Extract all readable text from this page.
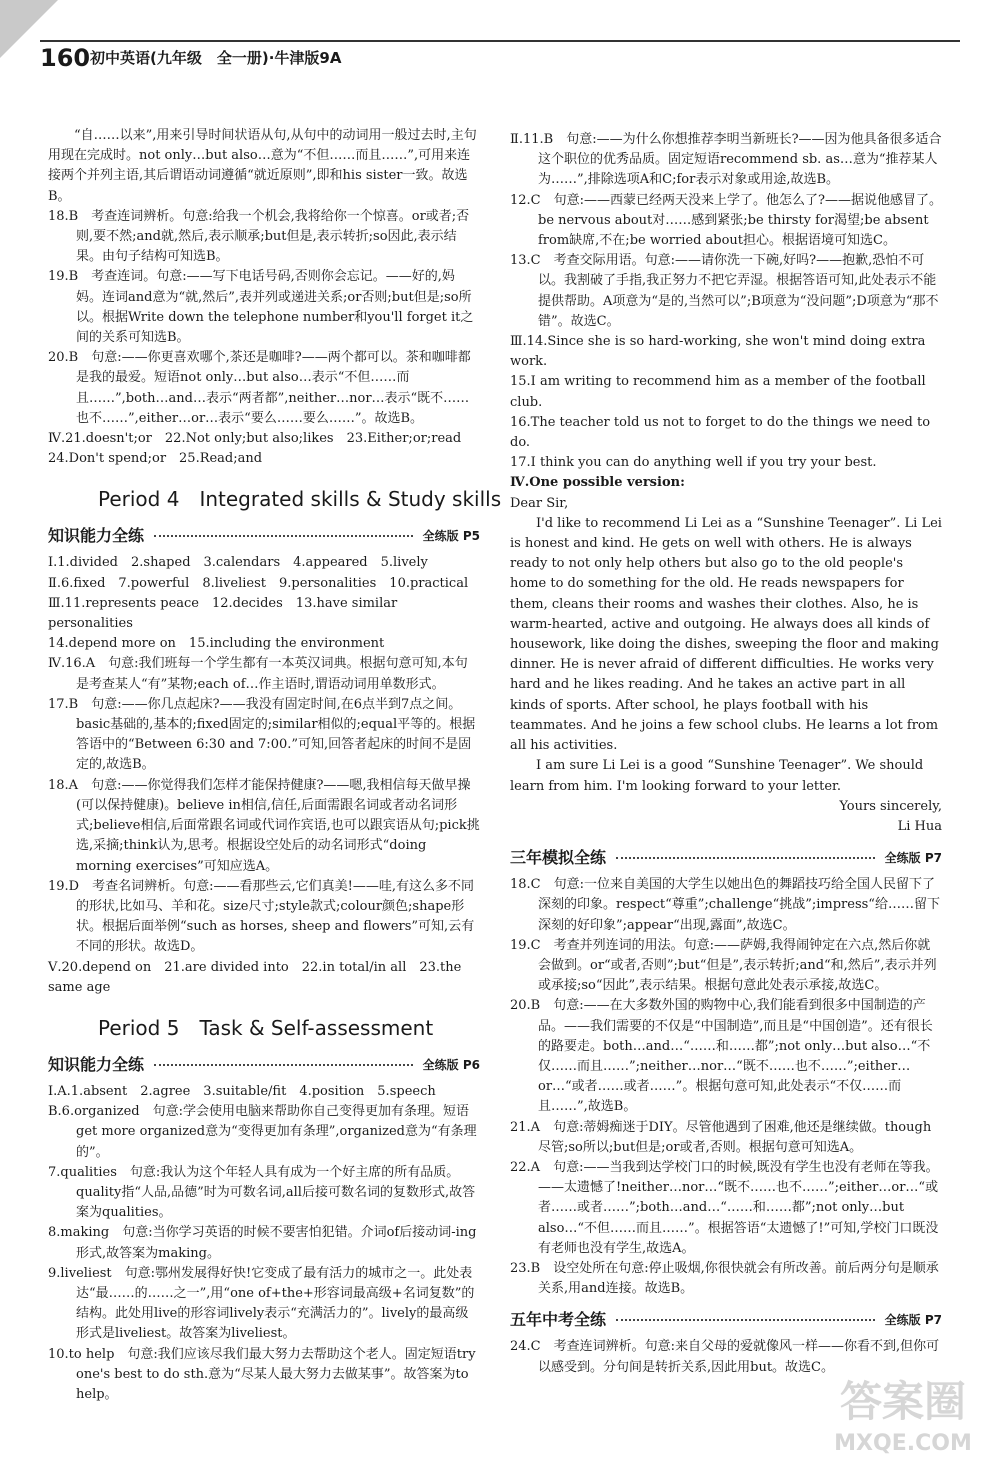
160 初中英语(九年级　全一册)·牛津版9A

“自……以来”,用来引导时间状语从句,从句中的动词用一般过去时,主句用现在完成时。not only…but also…意为“不但……而且……”,可用来连接两个并列主语,其后谓语动词遵循“就近原则”,即和his sister一致。故选B。

18.B　考查连词辨析。句意:给我一个机会,我将给你一个惊喜。or或者;否则,要不然;and就,然后,表示顺承;but但是,表示转折;so因此,表示结果。由句子结构可知选B。

19.B　考查连词。句意:——写下电话号码,否则你会忘记。——好的,妈妈。连词and意为“就,然后”,表并列或递进关系;or否则;but但是;so所以。根据Write down the telephone number和you'll forget it之间的关系可知选B。

20.B　句意:——你更喜欢哪个,茶还是咖啡?——两个都可以。茶和咖啡都是我的最爱。短语not only…but also…表示“不但……而且……”,both…and…表示“两者都”,neither…nor…表示“既不……也不……”,either…or…表示“要么……要么……”。故选B。

Ⅳ.21.doesn't;or　22.Not only;but also;likes　23.Either;or;read

24.Don't spend;or　25.Read;and

Period 4　Integrated skills & Study skills
知识能力全练	全练版 P5

Ⅰ.1.divided　2.shaped　3.calendars　4.appeared　5.lively

Ⅱ.6.fixed　7.powerful　8.liveliest　9.personalities　10.practical

Ⅲ.11.represents peace　12.decides　13.have similar personalities

14.depend more on　15.including the environment

Ⅳ.16.A　句意:我们班每一个学生都有一本英汉词典。根据句意可知,本句是考查某人“有”某物;each of…作主语时,谓语动词用单数形式。

17.B　句意:——你几点起床?——我没有固定时间,在6点半到7点之间。basic基础的,基本的;fixed固定的;similar相似的;equal平等的。根据答语中的“Between 6:30 and 7:00.”可知,回答者起床的时间不是固定的,故选B。

18.A　句意:——你觉得我们怎样才能保持健康?——嗯,我相信每天做早操(可以保持健康)。believe in相信,信任,后面需跟名词或者动名词形式;believe相信,后面常跟名词或代词作宾语,也可以跟宾语从句;pick挑选,采摘;think认为,思考。根据设空处后的动名词形式“doing morning exercises”可知应选A。

19.D　考查名词辨析。句意:——看那些云,它们真美!——哇,有这么多不同的形状,比如马、羊和花。size尺寸;style款式;colour颜色;shape形状。根据后面举例“such as horses, sheep and flowers”可知,云有不同的形状。故选D。

Ⅴ.20.depend on　21.are divided into　22.in total/in all　23.the same age

Period 5　Task & Self-assessment
知识能力全练	全练版 P6

Ⅰ.A.1.absent　2.agree　3.suitable/fit　4.position　5.speech

B.6.organized　句意:学会使用电脑来帮助你自己变得更加有条理。短语get more organized意为“变得更加有条理”,organized意为“有条理的”。

7.qualities　句意:我认为这个年轻人具有成为一个好主席的所有品质。quality指“人品,品德”时为可数名词,all后接可数名词的复数形式,故答案为qualities。

8.making　句意:当你学习英语的时候不要害怕犯错。介词of后接动词-ing形式,故答案为making。

9.liveliest　句意:鄂州发展得好快!它变成了最有活力的城市之一。此处表达“最……的……之一”,用“one of+the+形容词最高级+名词复数”的结构。此处用live的形容词lively表示“充满活力的”。lively的最高级形式是liveliest。故答案为liveliest。

10.to help　句意:我们应该尽我们最大努力去帮助这个老人。固定短语try one's best to do sth.意为“尽某人最大努力去做某事”。故答案为to help。

Ⅱ.11.B　句意:——为什么你想推荐李明当新班长?——因为他具备很多适合这个职位的优秀品质。固定短语recommend sb. as…意为“推荐某人为……”,排除选项A和C;for表示对象或用途,故选B。

12.C　句意:——西蒙已经两天没来上学了。他怎么了?——据说他感冒了。be nervous about对……感到紧张;be thirsty for渴望;be absent from缺席,不在;be worried about担心。根据语境可知选C。

13.C　考查交际用语。句意:——请你洗一下碗,好吗?——抱歉,恐怕不可以。我割破了手指,我正努力不把它弄湿。根据答语可知,此处表示不能提供帮助。A项意为“是的,当然可以”;B项意为“没问题”;D项意为“那不错”。故选C。

Ⅲ.14.Since she is so hard-working, she won't mind doing extra work.

15.I am writing to recommend him as a member of the football club.

16.The teacher told us not to forget to do the things we need to do.

17.I think you can do anything well if you try your best.

Ⅳ.One possible version:

Dear Sir,

I'd like to recommend Li Lei as a “Sunshine Teenager”. Li Lei is honest and kind. He gets on well with others. He is always ready to not only help others but also go to the old people's home to do something for the old. He reads newspapers for them, cleans their rooms and washes their clothes. Also, he is warm-hearted, active and outgoing. He always does all kinds of housework, like doing the dishes, sweeping the floor and making dinner. He is never afraid of different difficulties. He works very hard and he likes reading. And he takes an active part in all kinds of sports. After school, he plays football with his teammates. And he joins a few school clubs. He learns a lot from all his activities.

I am sure Li Lei is a good “Sunshine Teenager”. We should learn from him. I'm looking forward to your letter.

Yours sincerely,

Li Hua

三年模拟全练	全练版 P7

18.C　句意:一位来自美国的大学生以她出色的舞蹈技巧给全国人民留下了深刻的印象。respect“尊重”;challenge“挑战”;impress“给……留下深刻的好印象”;appear“出现,露面”,故选C。

19.C　考查并列连词的用法。句意:——萨姆,我得闹钟定在六点,然后你就会做到。or“或者,否则”;but“但是”,表示转折;and“和,然后”,表示并列或承接;so“因此”,表示结果。根据句意此处表示承接,故选C。

20.B　句意:——在大多数外国的购物中心,我们能看到很多中国制造的产品。——我们需要的不仅是“中国制造”,而且是“中国创造”。还有很长的路要走。both…and…“……和……都”;not only…but also…“不仅……而且……”;neither…nor…“既不……也不……”;either…or…“或者……或者……”。根据句意可知,此处表示“不仅……而且……”,故选B。

21.A　句意:蒂姆痴迷于DIY。尽管他遇到了困难,他还是继续做。though尽管;so所以;but但是;or或者,否则。根据句意可知选A。

22.A　句意:——当我到达学校门口的时候,既没有学生也没有老师在等我。——太遗憾了!neither…nor…“既不……也不……”;either…or…“或者……或者……”;both…and…“……和……都”;not only…but also…“不但……而且……”。根据答语“太遗憾了!”可知,学校门口既没有老师也没有学生,故选A。

23.B　设空处所在句意:停止吸烟,你很快就会有所改善。前后两分句是顺承关系,用and连接。故选B。

五年中考全练	全练版 P7

24.C　考查连词辨析。句意:来自父母的爱就像风一样——你看不到,但你可以感受到。分句间是转折关系,因此用but。故选C。

答案圈
MXQE.COM
